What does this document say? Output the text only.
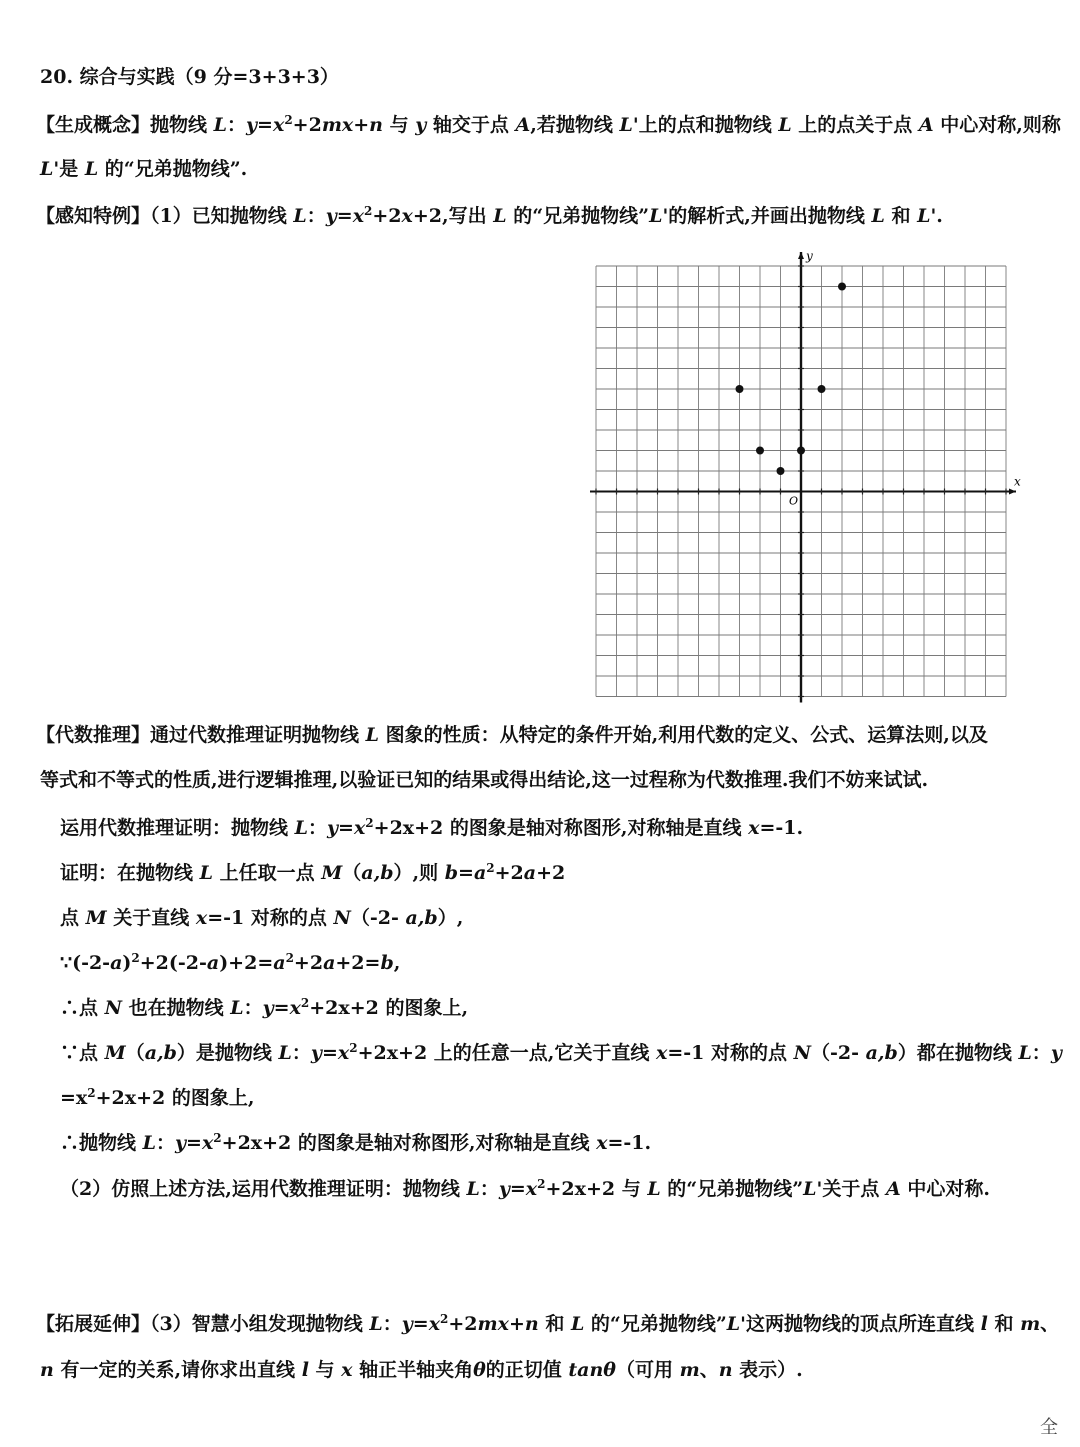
20. 综合与实践（9 分=3+3+3）
【生成概念】抛物线 L：$y=x^2+2mx+n$ 与 y 轴交于点 A,若抛物线 L'上的点和抛物线 L 上的点关于点 A 中心对称,则称
L'是 L 的“兄弟抛物线”.
【感知特例】（1）已知抛物线 L：$y=x^2+2x+2$,写出 L 的“兄弟抛物线”L'的解析式,并画出抛物线 L 和 L'.
x
y
O
【代数推理】通过代数推理证明抛物线 L 图象的性质：从特定的条件开始,利用代数的定义、公式、运算法则,以及
等式和不等式的性质,进行逻辑推理,以验证已知的结果或得出结论,这一过程称为代数推理.我们不妨来试试.
运用代数推理证明：抛物线 L：$y=x^2+2x+2$ 的图象是轴对称图形,对称轴是直线 x=-1.
证明：在抛物线 L 上任取一点 M（a,b）,则 $b=a^2+2a+2$
点 M 关于直线 x=-1 对称的点 N（-2- a,b）,
$\because(-2-a)^2+2(-2-a)+2=a^2+2a+2=b$,
∴点 N 也在抛物线 L：$y=x^2+2x+2$ 的图象上,
∵点 M（a,b）是抛物线 L：$y=x^2+2x+2$ 上的任意一点,它关于直线 x=-1 对称的点 N（-2- a,b）都在抛物线 L：y
$=x^2+2x+2$ 的图象上,
∴抛物线 L：$y=x^2+2x+2$ 的图象是轴对称图形,对称轴是直线 x=-1.
（2）仿照上述方法,运用代数推理证明：抛物线 L：$y=x^2+2x+2$ 与 L 的“兄弟抛物线”L'关于点 A 中心对称.
【拓展延伸】（3）智慧小组发现抛物线 L：$y=x^2+2mx+n$ 和 L 的“兄弟抛物线”L'这两抛物线的顶点所连直线 l 和 m、
n 有一定的关系,请你求出直线 l 与 x 轴正半轴夹角θ的正切值 tanθ（可用 m、n 表示）.
全
